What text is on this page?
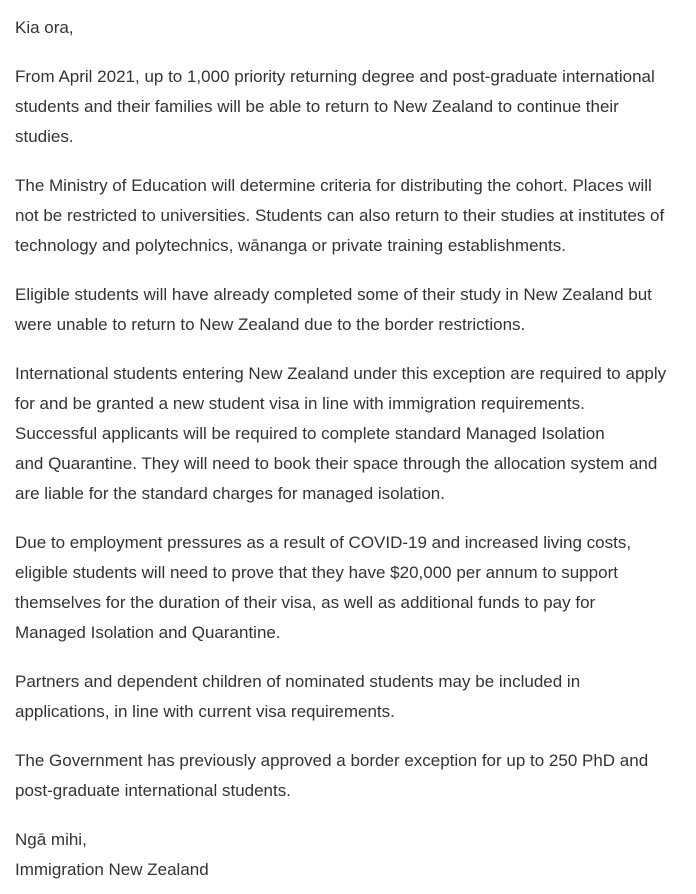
Kia ora,

From April 2021, up to 1,000 priority returning degree and post-graduate international
students and their families will be able to return to New Zealand to continue their
studies.

The Ministry of Education will determine criteria for distributing the cohort. Places will
not be restricted to universities. Students can also return to their studies at institutes of
technology and polytechnics, wānanga or private training establishments.

Eligible students will have already completed some of their study in New Zealand but
were unable to return to New Zealand due to the border restrictions.

International students entering New Zealand under this exception are required to apply
for and be granted a new student visa in line with immigration requirements.
Successful applicants will be required to complete standard Managed Isolation
and Quarantine. They will need to book their space through the allocation system and
are liable for the standard charges for managed isolation.

Due to employment pressures as a result of COVID-19 and increased living costs,
eligible students will need to prove that they have $20,000 per annum to support
themselves for the duration of their visa, as well as additional funds to pay for
Managed Isolation and Quarantine.

Partners and dependent children of nominated students may be included in
applications, in line with current visa requirements.

The Government has previously approved a border exception for up to 250 PhD and
post-graduate international students.

Ngā mihi,

Immigration New Zealand
